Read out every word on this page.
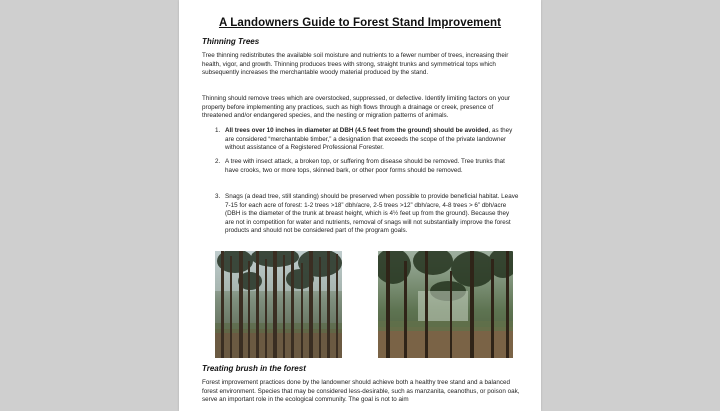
A Landowners Guide to Forest Stand Improvement
Thinning Trees

Tree thinning redistributes the available soil moisture and nutrients to a fewer number of trees, increasing their health, vigor, and growth. Thinning produces trees with strong, straight trunks and symmetrical tops which subsequently increases the merchantable woody material produced by the stand.

Thinning should remove trees which are overstocked, suppressed, or defective. Identify limiting factors on your property before implementing any practices, such as high flows through a drainage or creek, presence of threatened and/or endangered species, and the nesting or migration patterns of animals.

1. All trees over 10 inches in diameter at DBH (4.5 feet from the ground) should be avoided, as they are considered “merchantable timber,” a designation that exceeds the scope of the private landowner without assistance of a Registered Professional Forester.
2. A tree with insect attack, a broken top, or suffering from disease should be removed. Tree trunks that have crooks, two or more tops, skinned bark, or other poor forms should be removed.
3. Snags (a dead tree, still standing) should be preserved when possible to provide beneficial habitat. Leave 7-15 for each acre of forest: 1-2 trees >18” dbh/acre, 2-5 trees >12” dbh/acre, 4-8 trees > 6” dbh/acre (DBH is the diameter of the trunk at breast height, which is 4½ feet up from the ground). Because they are not in competition for water and nutrients, removal of snags will not substantially improve the forest products and should not be considered part of the program goals.
Treating brush in the forest

Forest improvement practices done by the landowner should achieve both a healthy tree stand and a balanced forest environment. Species that may be considered less-desirable, such as manzanita, ceanothus, or poison oak, serve an important role in the ecological community. The goal is not to aim
